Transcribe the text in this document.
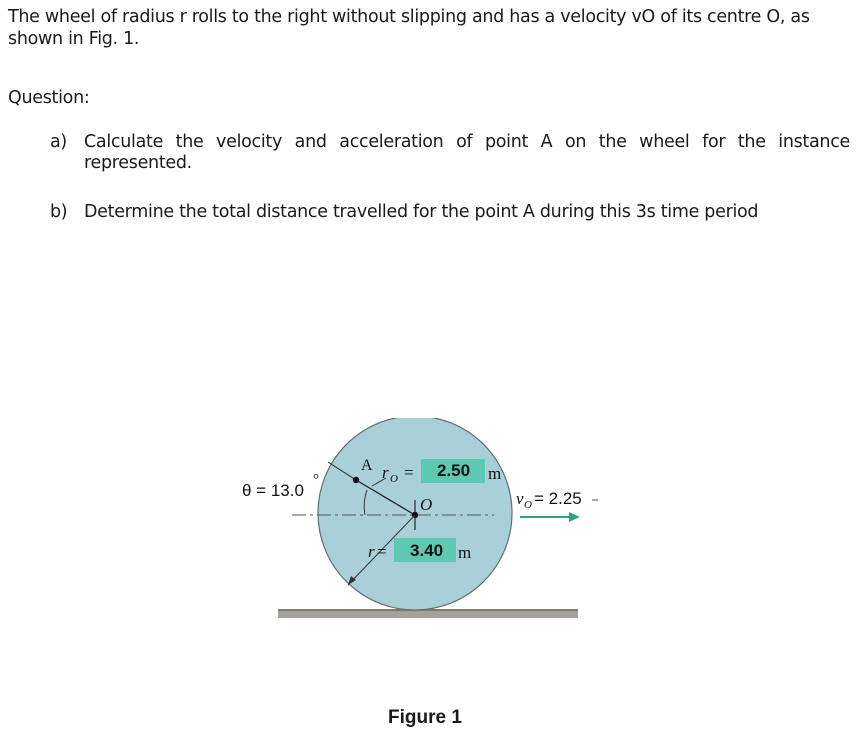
The wheel of radius r rolls to the right without slipping and has a velocity vO of its centre O, as shown in Fig. 1.
Question:
a) Calculate the velocity and acceleration of point A on the wheel for the instance represented.
b) Determine the total distance travelled for the point A during this 3s time period
θ = 13.0
°
A r O = 2.50 m
O
r = 3.40 m
v O = 2.25
Figure 1
